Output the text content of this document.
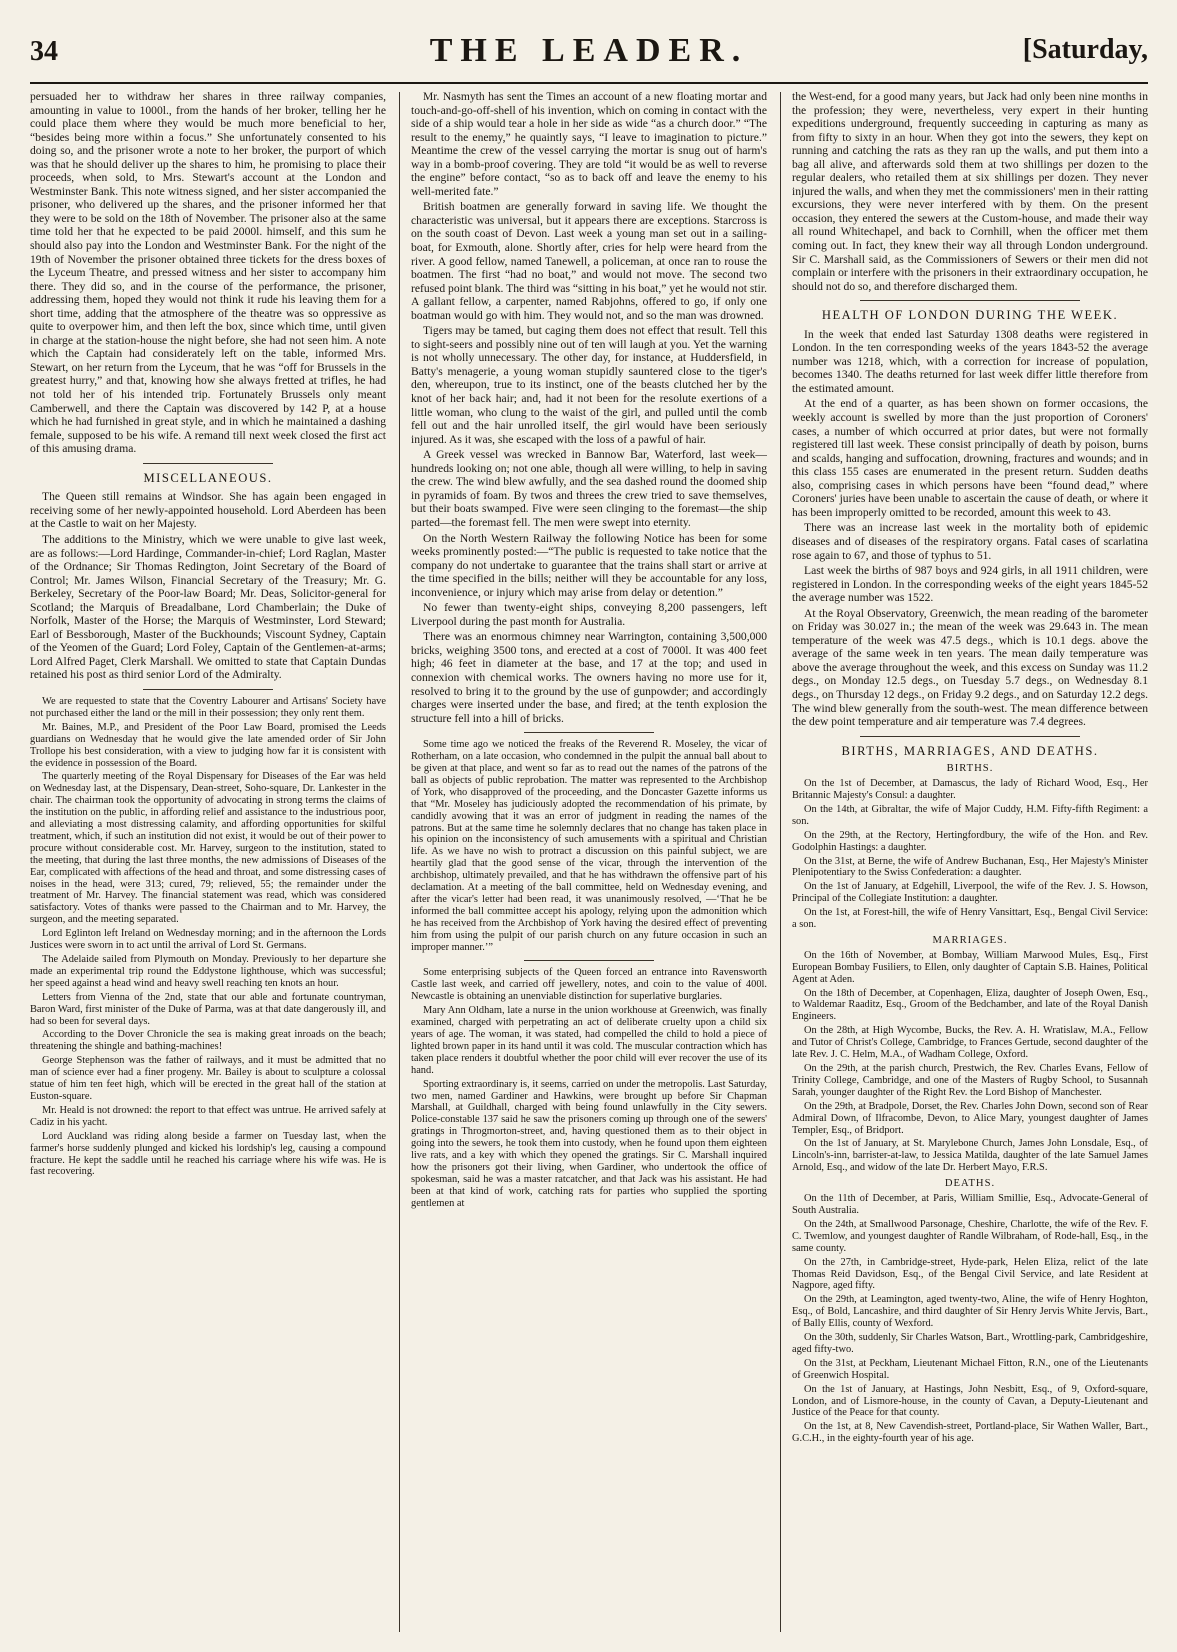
34	THE LEADER.	[Saturday,

persuaded her to withdraw her shares in three railway companies, amounting in value to 1000l., from the hands of her broker, telling her he could place them where they would be much more beneficial to her, “besides being more within a focus.” She unfortunately consented to his doing so, and the prisoner wrote a note to her broker, the purport of which was that he should deliver up the shares to him, he promising to place their proceeds, when sold, to Mrs. Stewart's account at the London and Westminster Bank. This note witness signed, and her sister accompanied the prisoner, who delivered up the shares, and the prisoner informed her that they were to be sold on the 18th of November. The prisoner also at the same time told her that he expected to be paid 2000l. himself, and this sum he should also pay into the London and Westminster Bank. For the night of the 19th of November the prisoner obtained three tickets for the dress boxes of the Lyceum Theatre, and pressed witness and her sister to accompany him there. They did so, and in the course of the performance, the prisoner, addressing them, hoped they would not think it rude his leaving them for a short time, adding that the atmosphere of the theatre was so oppressive as quite to overpower him, and then left the box, since which time, until given in charge at the station-house the night before, she had not seen him. A note which the Captain had considerately left on the table, informed Mrs. Stewart, on her return from the Lyceum, that he was “off for Brussels in the greatest hurry,” and that, knowing how she always fretted at trifles, he had not told her of his intended trip. Fortunately Brussels only meant Camberwell, and there the Captain was discovered by 142 P, at a house which he had furnished in great style, and in which he maintained a dashing female, supposed to be his wife. A remand till next week closed the first act of this amusing drama.

MISCELLANEOUS.

The Queen still remains at Windsor. She has again been engaged in receiving some of her newly-appointed household. Lord Aberdeen has been at the Castle to wait on her Majesty.

The additions to the Ministry, which we were unable to give last week, are as follows:—Lord Hardinge, Commander-in-chief; Lord Raglan, Master of the Ordnance; Sir Thomas Redington, Joint Secretary of the Board of Control; Mr. James Wilson, Financial Secretary of the Treasury; Mr. G. Berkeley, Secretary of the Poor-law Board; Mr. Deas, Solicitor-general for Scotland; the Marquis of Breadalbane, Lord Chamberlain; the Duke of Norfolk, Master of the Horse; the Marquis of Westminster, Lord Steward; Earl of Bessborough, Master of the Buckhounds; Viscount Sydney, Captain of the Yeomen of the Guard; Lord Foley, Captain of the Gentlemen-at-arms; Lord Alfred Paget, Clerk Marshall. We omitted to state that Captain Dundas retained his post as third senior Lord of the Admiralty.

We are requested to state that the Coventry Labourer and Artisans' Society have not purchased either the land or the mill in their possession; they only rent them.

Mr. Baines, M.P., and President of the Poor Law Board, promised the Leeds guardians on Wednesday that he would give the late amended order of Sir John Trollope his best consideration, with a view to judging how far it is consistent with the evidence in possession of the Board.

The quarterly meeting of the Royal Dispensary for Diseases of the Ear was held on Wednesday last, at the Dispensary, Dean-street, Soho-square, Dr. Lankester in the chair. The chairman took the opportunity of advocating in strong terms the claims of the institution on the public, in affording relief and assistance to the industrious poor, and alleviating a most distressing calamity, and affording opportunities for skilful treatment, which, if such an institution did not exist, it would be out of their power to procure without considerable cost. Mr. Harvey, surgeon to the institution, stated to the meeting, that during the last three months, the new admissions of Diseases of the Ear, complicated with affections of the head and throat, and some distressing cases of noises in the head, were 313; cured, 79; relieved, 55; the remainder under the treatment of Mr. Harvey. The financial statement was read, which was considered satisfactory. Votes of thanks were passed to the Chairman and to Mr. Harvey, the surgeon, and the meeting separated.

Lord Eglinton left Ireland on Wednesday morning; and in the afternoon the Lords Justices were sworn in to act until the arrival of Lord St. Germans.

The Adelaide sailed from Plymouth on Monday. Previously to her departure she made an experimental trip round the Eddystone lighthouse, which was successful; her speed against a head wind and heavy swell reaching ten knots an hour.

Letters from Vienna of the 2nd, state that our able and fortunate countryman, Baron Ward, first minister of the Duke of Parma, was at that date dangerously ill, and had so been for several days.

According to the Dover Chronicle the sea is making great inroads on the beach; threatening the shingle and bathing-machines!

George Stephenson was the father of railways, and it must be admitted that no man of science ever had a finer progeny. Mr. Bailey is about to sculpture a colossal statue of him ten feet high, which will be erected in the great hall of the station at Euston-square.

Mr. Heald is not drowned: the report to that effect was untrue. He arrived safely at Cadiz in his yacht.

Lord Auckland was riding along beside a farmer on Tuesday last, when the farmer's horse suddenly plunged and kicked his lordship's leg, causing a compound fracture. He kept the saddle until he reached his carriage where his wife was. He is fast recovering.

Mr. Nasmyth has sent the Times an account of a new floating mortar and touch-and-go-off-shell of his invention, which on coming in contact with the side of a ship would tear a hole in her side as wide “as a church door.” “The result to the enemy,” he quaintly says, “I leave to imagination to picture.” Meantime the crew of the vessel carrying the mortar is snug out of harm's way in a bomb-proof covering. They are told “it would be as well to reverse the engine” before contact, “so as to back off and leave the enemy to his well-merited fate.”

British boatmen are generally forward in saving life. We thought the characteristic was universal, but it appears there are exceptions. Starcross is on the south coast of Devon. Last week a young man set out in a sailing-boat, for Exmouth, alone. Shortly after, cries for help were heard from the river. A good fellow, named Tanewell, a policeman, at once ran to rouse the boatmen. The first “had no boat,” and would not move. The second two refused point blank. The third was “sitting in his boat,” yet he would not stir. A gallant fellow, a carpenter, named Rabjohns, offered to go, if only one boatman would go with him. They would not, and so the man was drowned.

Tigers may be tamed, but caging them does not effect that result. Tell this to sight-seers and possibly nine out of ten will laugh at you. Yet the warning is not wholly unnecessary. The other day, for instance, at Huddersfield, in Batty's menagerie, a young woman stupidly sauntered close to the tiger's den, whereupon, true to its instinct, one of the beasts clutched her by the knot of her back hair; and, had it not been for the resolute exertions of a little woman, who clung to the waist of the girl, and pulled until the comb fell out and the hair unrolled itself, the girl would have been seriously injured. As it was, she escaped with the loss of a pawful of hair.

A Greek vessel was wrecked in Bannow Bar, Waterford, last week—hundreds looking on; not one able, though all were willing, to help in saving the crew. The wind blew awfully, and the sea dashed round the doomed ship in pyramids of foam. By twos and threes the crew tried to save themselves, but their boats swamped. Five were seen clinging to the foremast—the ship parted—the foremast fell. The men were swept into eternity.

On the North Western Railway the following Notice has been for some weeks prominently posted:—“The public is requested to take notice that the company do not undertake to guarantee that the trains shall start or arrive at the time specified in the bills; neither will they be accountable for any loss, inconvenience, or injury which may arise from delay or detention.”

No fewer than twenty-eight ships, conveying 8,200 passengers, left Liverpool during the past month for Australia.

There was an enormous chimney near Warrington, containing 3,500,000 bricks, weighing 3500 tons, and erected at a cost of 7000l. It was 400 feet high; 46 feet in diameter at the base, and 17 at the top; and used in connexion with chemical works. The owners having no more use for it, resolved to bring it to the ground by the use of gunpowder; and accordingly charges were inserted under the base, and fired; at the tenth explosion the structure fell into a hill of bricks.

Some time ago we noticed the freaks of the Reverend R. Moseley, the vicar of Rotherham, on a late occasion, who condemned in the pulpit the annual ball about to be given at that place, and went so far as to read out the names of the patrons of the ball as objects of public reprobation. The matter was represented to the Archbishop of York, who disapproved of the proceeding, and the Doncaster Gazette informs us that “Mr. Moseley has judiciously adopted the recommendation of his primate, by candidly avowing that it was an error of judgment in reading the names of the patrons. But at the same time he solemnly declares that no change has taken place in his opinion on the inconsistency of such amusements with a spiritual and Christian life. As we have no wish to protract a discussion on this painful subject, we are heartily glad that the good sense of the vicar, through the intervention of the archbishop, ultimately prevailed, and that he has withdrawn the offensive part of his declamation. At a meeting of the ball committee, held on Wednesday evening, and after the vicar's letter had been read, it was unanimously resolved, —‘That he be informed the ball committee accept his apology, relying upon the admonition which he has received from the Archbishop of York having the desired effect of preventing him from using the pulpit of our parish church on any future occasion in such an improper manner.’”

Some enterprising subjects of the Queen forced an entrance into Ravensworth Castle last week, and carried off jewellery, notes, and coin to the value of 400l. Newcastle is obtaining an unenviable distinction for superlative burglaries.

Mary Ann Oldham, late a nurse in the union workhouse at Greenwich, was finally examined, charged with perpetrating an act of deliberate cruelty upon a child six years of age. The woman, it was stated, had compelled the child to hold a piece of lighted brown paper in its hand until it was cold. The muscular contraction which has taken place renders it doubtful whether the poor child will ever recover the use of its hand.

Sporting extraordinary is, it seems, carried on under the metropolis. Last Saturday, two men, named Gardiner and Hawkins, were brought up before Sir Chapman Marshall, at Guildhall, charged with being found unlawfully in the City sewers. Police-constable 137 said he saw the prisoners coming up through one of the sewers' gratings in Throgmorton-street, and, having questioned them as to their object in going into the sewers, he took them into custody, when he found upon them eighteen live rats, and a key with which they opened the gratings. Sir C. Marshall inquired how the prisoners got their living, when Gardiner, who undertook the office of spokesman, said he was a master ratcatcher, and that Jack was his assistant. He had been at that kind of work, catching rats for parties who supplied the sporting gentlemen at

the West-end, for a good many years, but Jack had only been nine months in the profession; they were, nevertheless, very expert in their hunting expeditions underground, frequently succeeding in capturing as many as from fifty to sixty in an hour. When they got into the sewers, they kept on running and catching the rats as they ran up the walls, and put them into a bag all alive, and afterwards sold them at two shillings per dozen to the regular dealers, who retailed them at six shillings per dozen. They never injured the walls, and when they met the commissioners' men in their ratting excursions, they were never interfered with by them. On the present occasion, they entered the sewers at the Custom-house, and made their way all round Whitechapel, and back to Cornhill, when the officer met them coming out. In fact, they knew their way all through London underground. Sir C. Marshall said, as the Commissioners of Sewers or their men did not complain or interfere with the prisoners in their extraordinary occupation, he should not do so, and therefore discharged them.

HEALTH OF LONDON DURING THE WEEK.

In the week that ended last Saturday 1308 deaths were registered in London. In the ten corresponding weeks of the years 1843-52 the average number was 1218, which, with a correction for increase of population, becomes 1340. The deaths returned for last week differ little therefore from the estimated amount.

At the end of a quarter, as has been shown on former occasions, the weekly account is swelled by more than the just proportion of Coroners' cases, a number of which occurred at prior dates, but were not formally registered till last week. These consist principally of death by poison, burns and scalds, hanging and suffocation, drowning, fractures and wounds; and in this class 155 cases are enumerated in the present return. Sudden deaths also, comprising cases in which persons have been “found dead,” where Coroners' juries have been unable to ascertain the cause of death, or where it has been improperly omitted to be recorded, amount this week to 43.

There was an increase last week in the mortality both of epidemic diseases and of diseases of the respiratory organs. Fatal cases of scarlatina rose again to 67, and those of typhus to 51.

Last week the births of 987 boys and 924 girls, in all 1911 children, were registered in London. In the corresponding weeks of the eight years 1845-52 the average number was 1522.

At the Royal Observatory, Greenwich, the mean reading of the barometer on Friday was 30.027 in.; the mean of the week was 29.643 in. The mean temperature of the week was 47.5 degs., which is 10.1 degs. above the average of the same week in ten years. The mean daily temperature was above the average throughout the week, and this excess on Sunday was 11.2 degs., on Monday 12.5 degs., on Tuesday 5.7 degs., on Wednesday 8.1 degs., on Thursday 12 degs., on Friday 9.2 degs., and on Saturday 12.2 degs. The wind blew generally from the south-west. The mean difference between the dew point temperature and air temperature was 7.4 degrees.

BIRTHS, MARRIAGES, AND DEATHS.
BIRTHS.

On the 1st of December, at Damascus, the lady of Richard Wood, Esq., Her Britannic Majesty's Consul: a daughter.

On the 14th, at Gibraltar, the wife of Major Cuddy, H.M. Fifty-fifth Regiment: a son.

On the 29th, at the Rectory, Hertingfordbury, the wife of the Hon. and Rev. Godolphin Hastings: a daughter.

On the 31st, at Berne, the wife of Andrew Buchanan, Esq., Her Majesty's Minister Plenipotentiary to the Swiss Confederation: a daughter.

On the 1st of January, at Edgehill, Liverpool, the wife of the Rev. J. S. Howson, Principal of the Collegiate Institution: a daughter.

On the 1st, at Forest-hill, the wife of Henry Vansittart, Esq., Bengal Civil Service: a son.

MARRIAGES.

On the 16th of November, at Bombay, William Marwood Mules, Esq., First European Bombay Fusiliers, to Ellen, only daughter of Captain S.B. Haines, Political Agent at Aden.

On the 18th of December, at Copenhagen, Eliza, daughter of Joseph Owen, Esq., to Waldemar Raaditz, Esq., Groom of the Bedchamber, and late of the Royal Danish Engineers.

On the 28th, at High Wycombe, Bucks, the Rev. A. H. Wratislaw, M.A., Fellow and Tutor of Christ's College, Cambridge, to Frances Gertude, second daughter of the late Rev. J. C. Helm, M.A., of Wadham College, Oxford.

On the 29th, at the parish church, Prestwich, the Rev. Charles Evans, Fellow of Trinity College, Cambridge, and one of the Masters of Rugby School, to Susannah Sarah, younger daughter of the Right Rev. the Lord Bishop of Manchester.

On the 29th, at Bradpole, Dorset, the Rev. Charles John Down, second son of Rear Admiral Down, of Ilfracombe, Devon, to Alice Mary, youngest daughter of James Templer, Esq., of Bridport.

On the 1st of January, at St. Marylebone Church, James John Lonsdale, Esq., of Lincoln's-inn, barrister-at-law, to Jessica Matilda, daughter of the late Samuel James Arnold, Esq., and widow of the late Dr. Herbert Mayo, F.R.S.

DEATHS.

On the 11th of December, at Paris, William Smillie, Esq., Advocate-General of South Australia.

On the 24th, at Smallwood Parsonage, Cheshire, Charlotte, the wife of the Rev. F. C. Twemlow, and youngest daughter of Randle Wilbraham, of Rode-hall, Esq., in the same county.

On the 27th, in Cambridge-street, Hyde-park, Helen Eliza, relict of the late Thomas Reid Davidson, Esq., of the Bengal Civil Service, and late Resident at Nagpore, aged fifty.

On the 29th, at Leamington, aged twenty-two, Aline, the wife of Henry Hoghton, Esq., of Bold, Lancashire, and third daughter of Sir Henry Jervis White Jervis, Bart., of Bally Ellis, county of Wexford.

On the 30th, suddenly, Sir Charles Watson, Bart., Wrottling-park, Cambridgeshire, aged fifty-two.

On the 31st, at Peckham, Lieutenant Michael Fitton, R.N., one of the Lieutenants of Greenwich Hospital.

On the 1st of January, at Hastings, John Nesbitt, Esq., of 9, Oxford-square, London, and of Lismore-house, in the county of Cavan, a Deputy-Lieutenant and Justice of the Peace for that county.

On the 1st, at 8, New Cavendish-street, Portland-place, Sir Wathen Waller, Bart., G.C.H., in the eighty-fourth year of his age.
